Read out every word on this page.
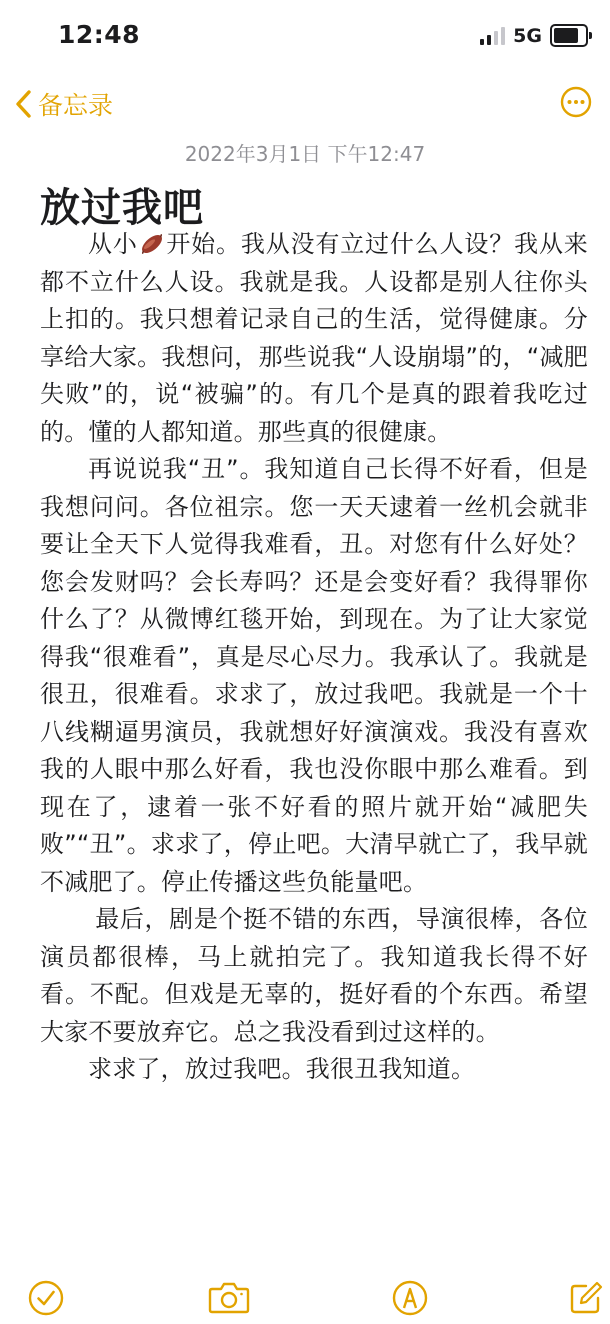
12:48	5G
备忘录
2022年3月1日 下午12:47
放过我吧

从小 开始。我从没有立过什么人设？我从来都不立什么人设。我就是我。人设都是别人往你头上扣的。我只想着记录自己的生活，觉得健康。分享给大家。我想问，那些说我“人设崩塌”的，“减肥失败”的，说“被骗”的。有几个是真的跟着我吃过的。懂的人都知道。那些真的很健康。

再说说我“丑”。我知道自己长得不好看，但是我想问问。各位祖宗。您一天天逮着一丝机会就非要让全天下人觉得我难看，丑。对您有什么好处？您会发财吗？会长寿吗？还是会变好看？我得罪你什么了？从微博红毯开始，到现在。为了让大家觉得我“很难看”，真是尽心尽力。我承认了。我就是很丑，很难看。求求了，放过我吧。我就是一个十八线糊逼男演员，我就想好好演演戏。我没有喜欢我的人眼中那么好看，我也没你眼中那么难看。到现在了，逮着一张不好看的照片就开始“减肥失败”“丑”。求求了，停止吧。大清早就亡了，我早就不减肥了。停止传播这些负能量吧。

最后，剧是个挺不错的东西，导演很棒，各位演员都很棒，马上就拍完了。我知道我长得不好看。不配。但戏是无辜的，挺好看的个东西。希望大家不要放弃它。总之我没看到过这样的。

求求了，放过我吧。我很丑我知道。
